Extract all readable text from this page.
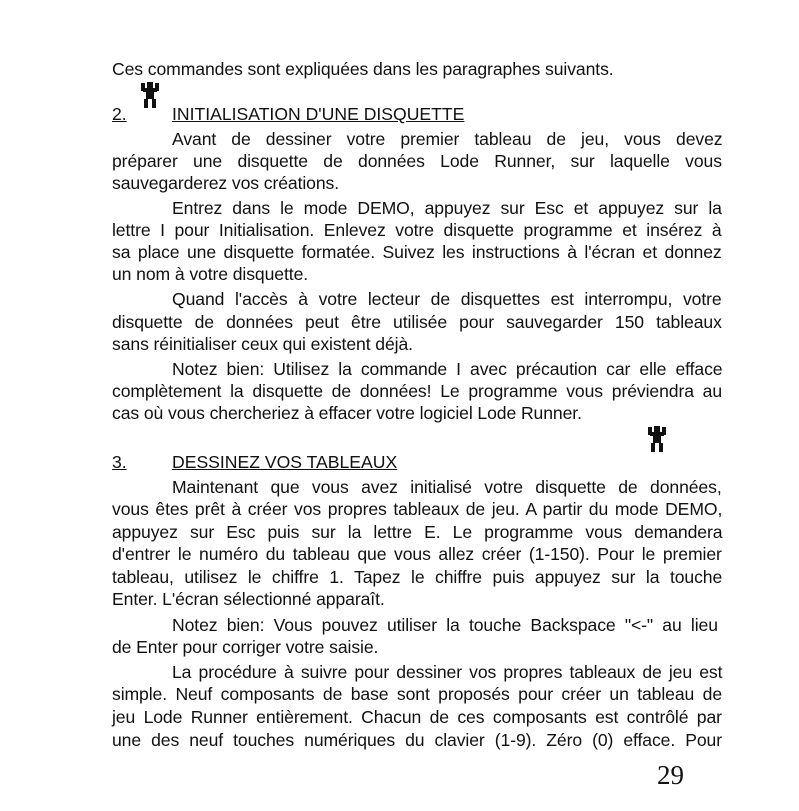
Ces commandes sont expliquées dans les paragraphes suivants.
2.	INITIALISATION D'UNE DISQUETTE
Avant de dessiner votre premier tableau de jeu, vous devez
préparer une disquette de données Lode Runner, sur laquelle vous
sauvegarderez vos créations.
Entrez dans le mode DEMO, appuyez sur Esc et appuyez sur la
lettre I pour Initialisation. Enlevez votre disquette programme et insérez à
sa place une disquette formatée. Suivez les instructions à l'écran et donnez
un nom à votre disquette.
Quand l'accès à votre lecteur de disquettes est interrompu, votre
disquette de données peut être utilisée pour sauvegarder 150 tableaux
sans réinitialiser ceux qui existent déjà.
Notez bien: Utilisez la commande I avec précaution car elle efface
complètement la disquette de données! Le programme vous préviendra au
cas où vous chercheriez à effacer votre logiciel Lode Runner.
3.	DESSINEZ VOS TABLEAUX
Maintenant que vous avez initialisé votre disquette de données,
vous êtes prêt à créer vos propres tableaux de jeu. A partir du mode DEMO,
appuyez sur Esc puis sur la lettre E. Le programme vous demandera
d'entrer le numéro du tableau que vous allez créer (1-150). Pour le premier
tableau, utilisez le chiffre 1. Tapez le chiffre puis appuyez sur la touche
Enter. L'écran sélectionné apparaît.
Notez bien: Vous pouvez utiliser la touche Backspace "<-" au lieu
de Enter pour corriger votre saisie.
La procédure à suivre pour dessiner vos propres tableaux de jeu est
simple. Neuf composants de base sont proposés pour créer un tableau de
jeu Lode Runner entièrement. Chacun de ces composants est contrôlé par
une des neuf touches numériques du clavier (1-9). Zéro (0) efface. Pour
29
